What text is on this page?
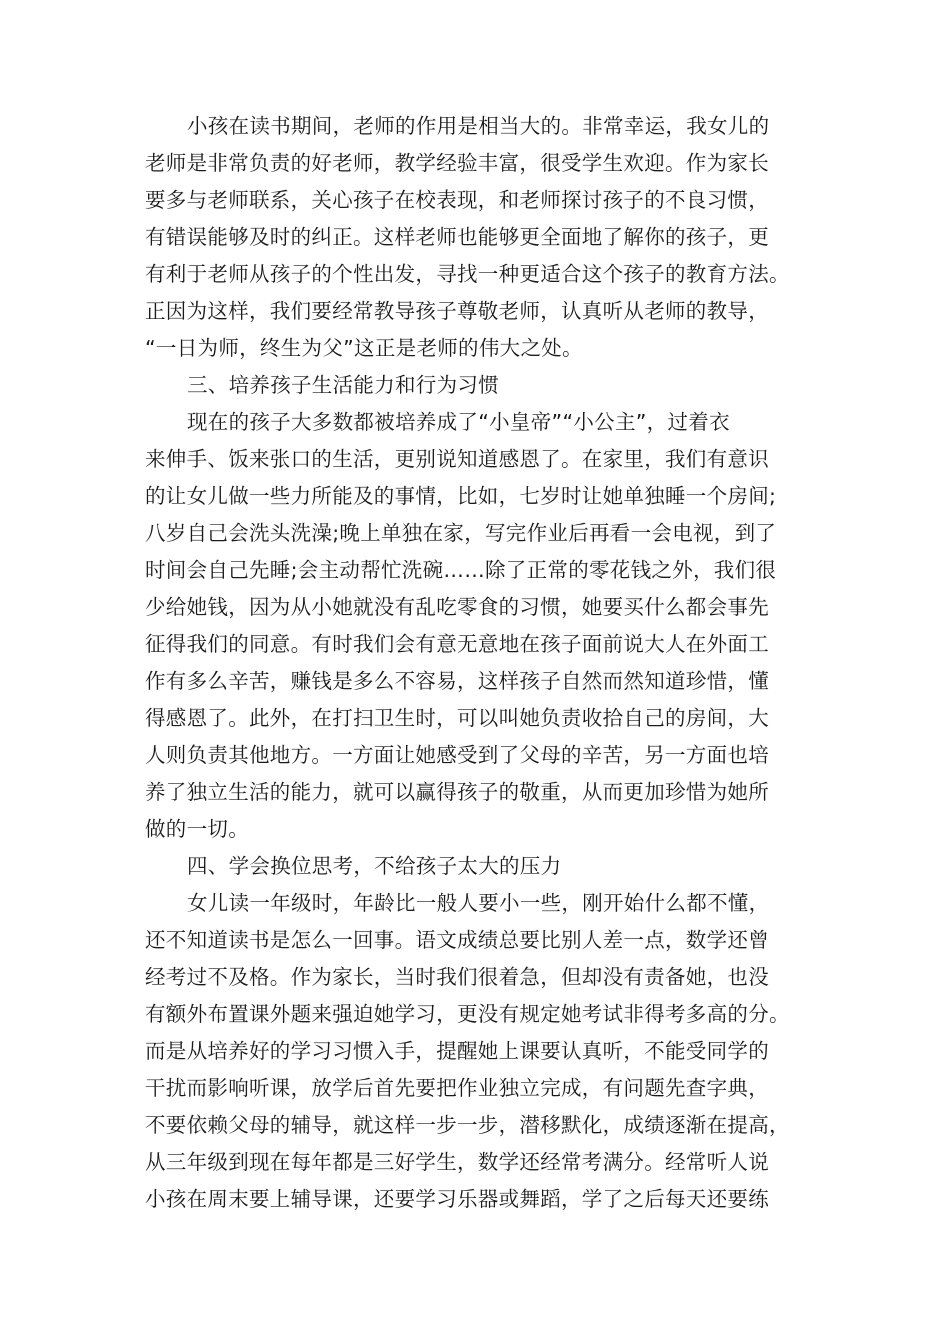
小孩在读书期间，老师的作用是相当大的。非常幸运，我女儿的
老师是非常负责的好老师，教学经验丰富，很受学生欢迎。作为家长
要多与老师联系，关心孩子在校表现，和老师探讨孩子的不良习惯，
有错误能够及时的纠正。这样老师也能够更全面地了解你的孩子，更
有利于老师从孩子的个性出发，寻找一种更适合这个孩子的教育方法。
正因为这样，我们要经常教导孩子尊敬老师，认真听从老师的教导，
“一日为师，终生为父”这正是老师的伟大之处。
三、培养孩子生活能力和行为习惯
现在的孩子大多数都被培养成了“小皇帝”“小公主”，过着衣
来伸手、饭来张口的生活，更别说知道感恩了。在家里，我们有意识
的让女儿做一些力所能及的事情，比如，七岁时让她单独睡一个房间;
八岁自己会洗头洗澡;晚上单独在家，写完作业后再看一会电视，到了
时间会自己先睡;会主动帮忙洗碗……除了正常的零花钱之外，我们很
少给她钱，因为从小她就没有乱吃零食的习惯，她要买什么都会事先
征得我们的同意。有时我们会有意无意地在孩子面前说大人在外面工
作有多么辛苦，赚钱是多么不容易，这样孩子自然而然知道珍惜，懂
得感恩了。此外，在打扫卫生时，可以叫她负责收拾自己的房间，大
人则负责其他地方。一方面让她感受到了父母的辛苦，另一方面也培
养了独立生活的能力，就可以赢得孩子的敬重，从而更加珍惜为她所
做的一切。
四、学会换位思考，不给孩子太大的压力
女儿读一年级时，年龄比一般人要小一些，刚开始什么都不懂，
还不知道读书是怎么一回事。语文成绩总要比别人差一点，数学还曾
经考过不及格。作为家长，当时我们很着急，但却没有责备她，也没
有额外布置课外题来强迫她学习，更没有规定她考试非得考多高的分。
而是从培养好的学习习惯入手，提醒她上课要认真听，不能受同学的
干扰而影响听课，放学后首先要把作业独立完成，有问题先查字典，
不要依赖父母的辅导，就这样一步一步，潜移默化，成绩逐渐在提高，
从三年级到现在每年都是三好学生，数学还经常考满分。经常听人说
小孩在周末要上辅导课，还要学习乐器或舞蹈，学了之后每天还要练
